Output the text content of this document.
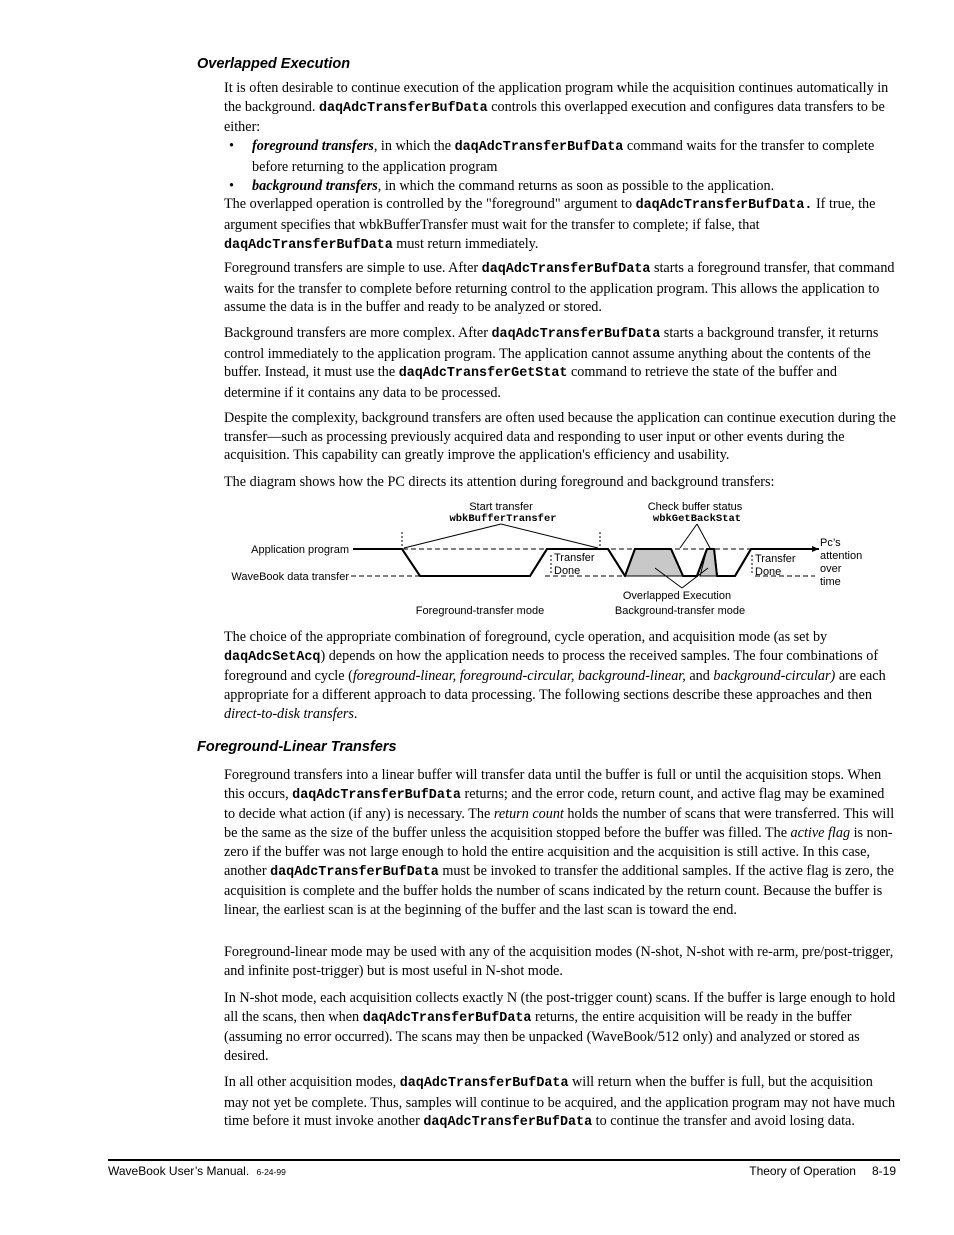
Overlapped Execution

It is often desirable to continue execution of the application program while the acquisition continues automatically in the background. daqAdcTransferBufData controls this overlapped execution and configures data transfers to be either:

• foreground transfers, in which the daqAdcTransferBufData command waits for the transfer to complete before returning to the application program
• background transfers, in which the command returns as soon as possible to the application.

The overlapped operation is controlled by the "foreground" argument to daqAdcTransferBufData. If true, the argument specifies that wbkBufferTransfer must wait for the transfer to complete; if false, that daqAdcTransferBufData must return immediately.

Foreground transfers are simple to use. After daqAdcTransferBufData starts a foreground transfer, that command waits for the transfer to complete before returning control to the application program. This allows the application to assume the data is in the buffer and ready to be analyzed or stored.

Background transfers are more complex. After daqAdcTransferBufData starts a background transfer, it returns control immediately to the application program. The application cannot assume anything about the contents of the buffer. Instead, it must use the daqAdcTransferGetStat command to retrieve the state of the buffer and determine if it contains any data to be processed.

Despite the complexity, background transfers are often used because the application can continue execution during the transfer—such as processing previously acquired data and responding to user input or other events during the acquisition. This capability can greatly improve the application's efficiency and usability.

The diagram shows how the PC directs its attention during foreground and background transfers:

Start transfer
wbkBufferTransfer
Check buffer status
wbkGetBackStat
Application program
WaveBook data transfer
Transfer
Done
Transfer
Done
Pc’s
attention
over
time
Overlapped Execution
Foreground-transfer mode	Background-transfer mode

The choice of the appropriate combination of foreground, cycle operation, and acquisition mode (as set by daqAdcSetAcq) depends on how the application needs to process the received samples. The four combinations of foreground and cycle (foreground-linear, foreground-circular, background-linear, and background-circular) are each appropriate for a different approach to data processing. The following sections describe these approaches and then direct-to-disk transfers.

Foreground-Linear Transfers

Foreground transfers into a linear buffer will transfer data until the buffer is full or until the acquisition stops. When this occurs, daqAdcTransferBufData returns; and the error code, return count, and active flag may be examined to decide what action (if any) is necessary. The return count holds the number of scans that were transferred. This will be the same as the size of the buffer unless the acquisition stopped before the buffer was filled. The active flag is non-zero if the buffer was not large enough to hold the entire acquisition and the acquisition is still active. In this case, another daqAdcTransferBufData must be invoked to transfer the additional samples. If the active flag is zero, the acquisition is complete and the buffer holds the number of scans indicated by the return count. Because the buffer is linear, the earliest scan is at the beginning of the buffer and the last scan is toward the end.

Foreground-linear mode may be used with any of the acquisition modes (N-shot, N-shot with re-arm, pre/post-trigger, and infinite post-trigger) but is most useful in N-shot mode.

In N-shot mode, each acquisition collects exactly N (the post-trigger count) scans. If the buffer is large enough to hold all the scans, then when daqAdcTransferBufData returns, the entire acquisition will be ready in the buffer (assuming no error occurred). The scans may then be unpacked (WaveBook/512 only) and analyzed or stored as desired.

In all other acquisition modes, daqAdcTransferBufData will return when the buffer is full, but the acquisition may not yet be complete. Thus, samples will continue to be acquired, and the application program may not have much time before it must invoke another daqAdcTransferBufData to continue the transfer and avoid losing data.

WaveBook User’s Manual. 6-24-99	Theory of Operation 8-19
